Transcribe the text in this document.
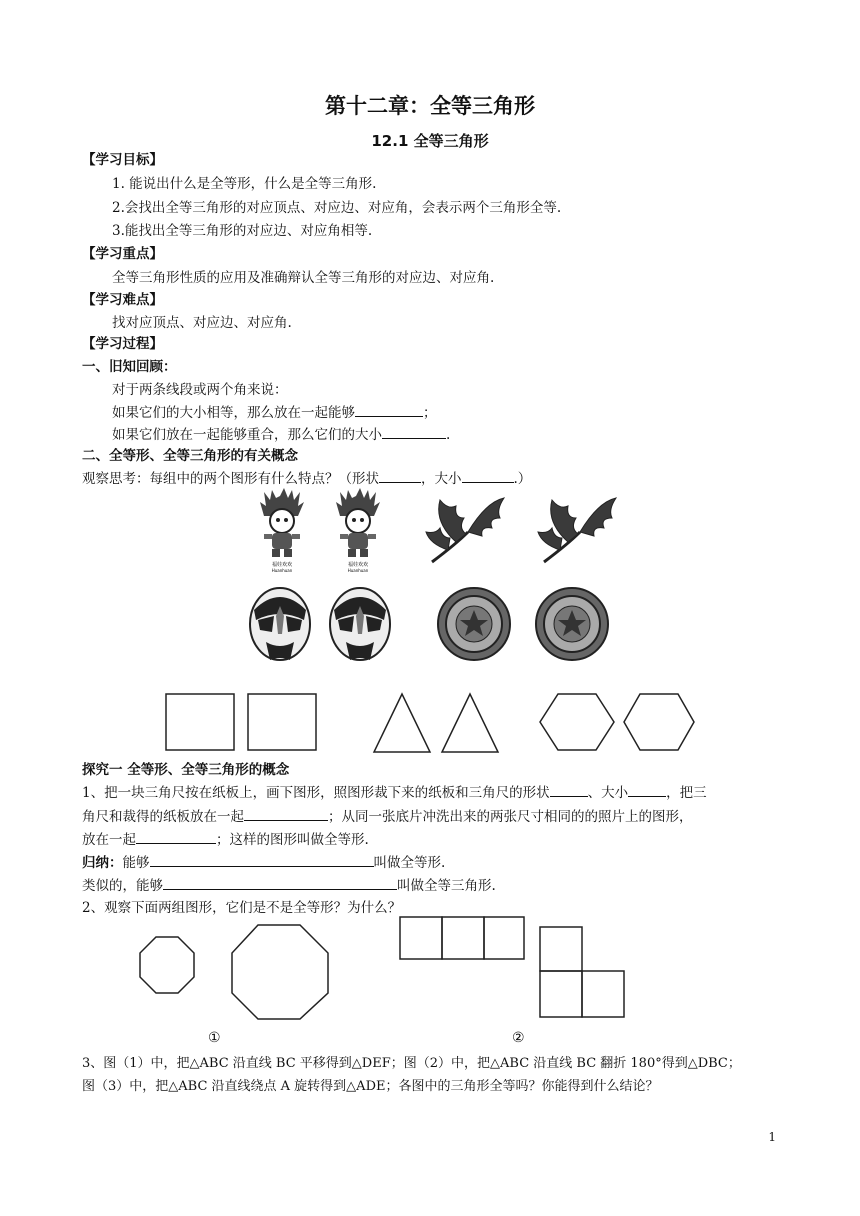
第十二章：全等三角形
12.1 全等三角形
【学习目标】
1. 能说出什么是全等形，什么是全等三角形.
2.会找出全等三角形的对应顶点、对应边、对应角，会表示两个三角形全等.
3.能找出全等三角形的对应边、对应角相等.
【学习重点】
全等三角形性质的应用及准确辩认全等三角形的对应边、对应角.
【学习难点】
找对应顶点、对应边、对应角.
【学习过程】
一、旧知回顾：
对于两条线段或两个角来说：
如果它们的大小相等，那么放在一起能够	；
如果它们放在一起能够重合，那么它们的大小	.
二、全等形、全等三角形的有关概念
观察思考：每组中的两个图形有什么特点？（形状	，大小	.）
福娃欢欢
Huanhuan
福娃欢欢
Huanhuan
探究一 全等形、全等三角形的概念
1、把一块三角尺按在纸板上，画下图形，照图形裁下来的纸板和三角尺的形状	、大小	，把三
角尺和裁得的纸板放在一起	；从同一张底片冲洗出来的两张尺寸相同的的照片上的图形，
放在一起	；这样的图形叫做全等形.
归纳：能够	叫做全等形.
类似的，能够	叫做全等三角形.
2、观察下面两组图形，它们是不是全等形？为什么？
①	②
3、图（1）中，把△ABC 沿直线 BC 平移得到△DEF；图（2）中，把△ABC 沿直线 BC 翻折 180°得到△DBC；
图（3）中，把△ABC 沿直线绕点 A 旋转得到△ADE；各图中的三角形全等吗？你能得到什么结论？
1
